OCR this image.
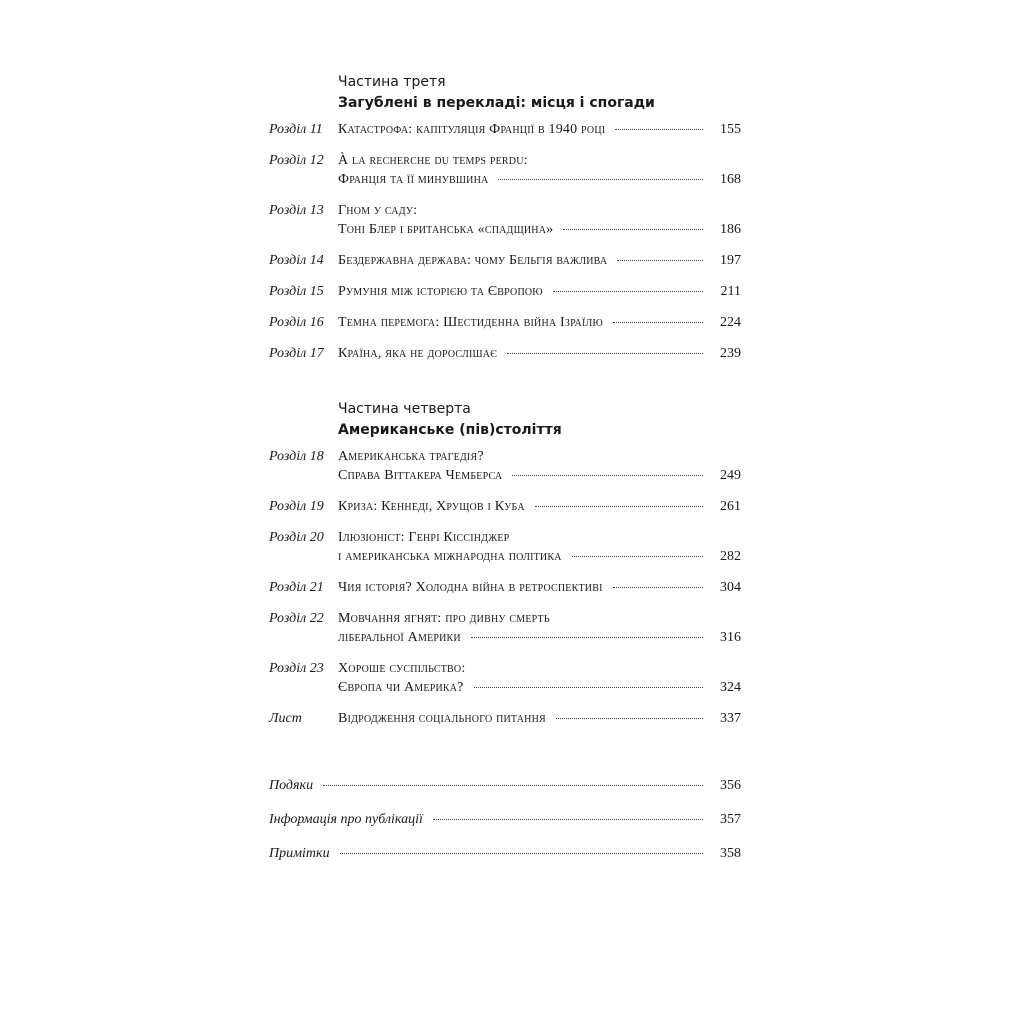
Частина третя
Загублені в перекладі: місця і спогади
Розділ 11	Катастрофа: капітуляція Франції в 1940 році	155
Розділ 12	À la recherche du temps perdu:
Франція та її минувшина	168
Розділ 13	Гном у саду:
Тоні Блер і британська «спадщина»	186
Розділ 14	Бездержавна держава: чому Бельгія важлива	197
Розділ 15	Румунія між історією та Європою	211
Розділ 16	Темна перемога: Шестиденна війна Ізраїлю	224
Розділ 17	Країна, яка не дорослішає	239
Частина четверта
Американське (пів)століття
Розділ 18	Американська трагедія?
Справа Віттакера Чемберса	249
Розділ 19	Криза: Кеннеді, Хрущов і Куба	261
Розділ 20	Ілюзіоніст: Генрі Кіссінджер
і американська міжнародна політика	282
Розділ 21	Чия історія? Холодна війна в ретроспективі	304
Розділ 22	Мовчання ягнят: про дивну смерть
ліберальної Америки	316
Розділ 23	Хороше суспільство:
Європа чи Америка?	324
Лист	Відродження соціального питання	337
Подяки	356
Інформація про публікації	357
Примітки	358
